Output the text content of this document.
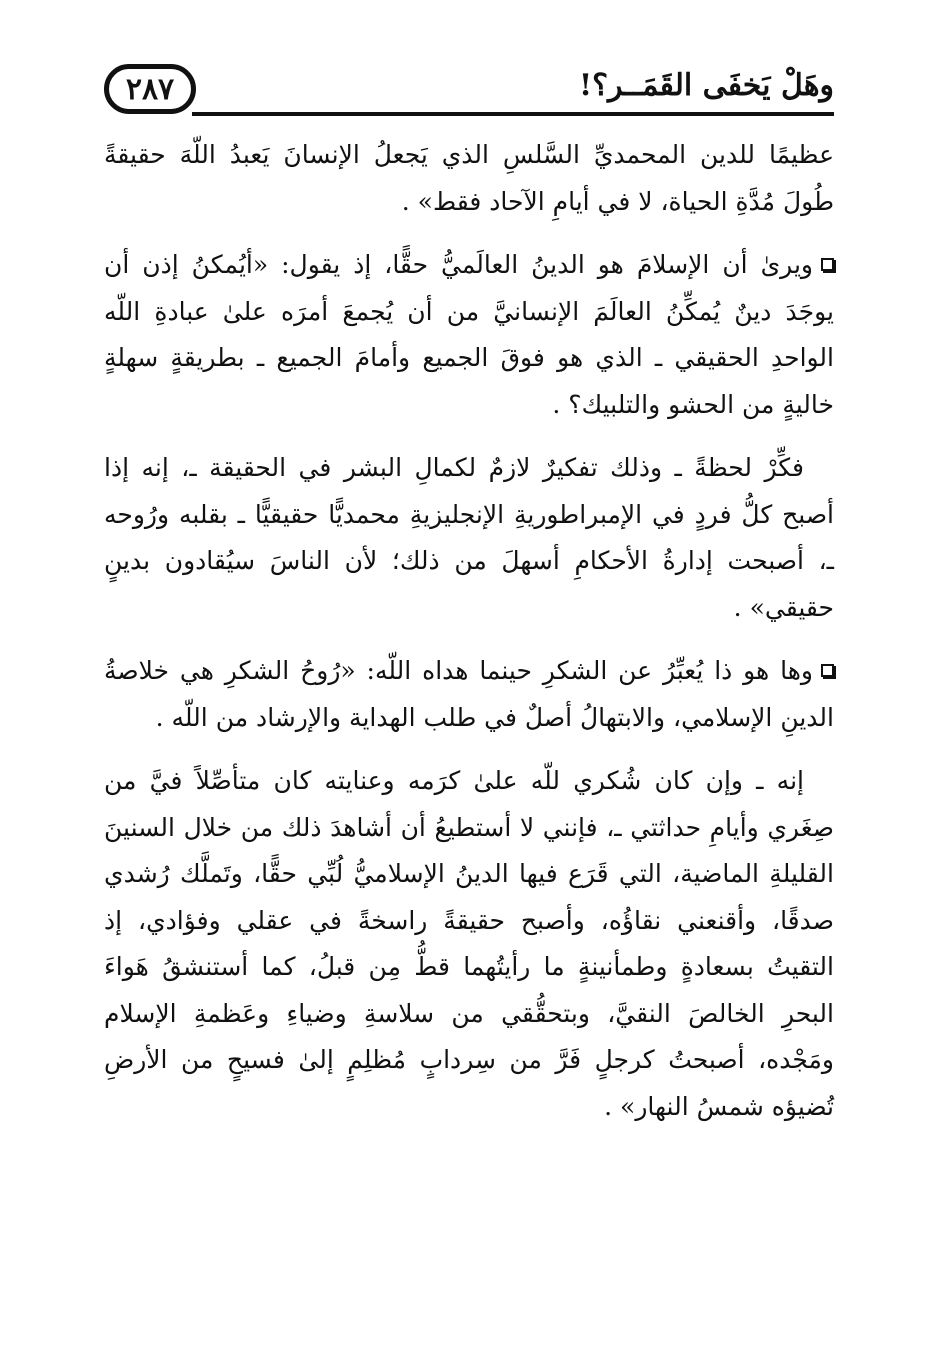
٢٨٧	وهَلْ يَخفَى القَمَــر؟!

عظيمًا للدين المحمديِّ السَّلسِ الذي يَجعلُ الإنسانَ يَعبدُ اللّهَ حقيقةً طُولَ مُدَّةِ الحياة، لا في أيامِ الآحاد فقط» .

ويرىٰ أن الإسلامَ هو الدينُ العالَميُّ حقًّا، إذ يقول: «أيُمكنُ إذن أن يوجَدَ دينٌ يُمكِّنُ العالَمَ الإنسانيَّ من أن يُجمعَ أمرَه علىٰ عبادةِ اللّه الواحدِ الحقيقي ـ الذي هو فوقَ الجميع وأمامَ الجميع ـ بطريقةٍ سهلةٍ خاليةٍ من الحشو والتلبيك؟ .

فكِّرْ لحظةً ـ وذلك تفكيرٌ لازمٌ لكمالِ البشر في الحقيقة ـ، إنه إذا أصبح كلُّ فردٍ في الإمبراطوريةِ الإنجليزيةِ محمديًّا حقيقيًّا ـ بقلبه ورُوحه ـ، أصبحت إدارةُ الأحكامِ أسهلَ من ذلك؛ لأن الناسَ سيُقادون بدينٍ حقيقي» .

وها هو ذا يُعبِّرُ عن الشكرِ حينما هداه اللّه: «رُوحُ الشكرِ هي خلاصةُ الدينِ الإسلامي، والابتهالُ أصلٌ في طلب الهداية والإرشاد من اللّه .

إنه ـ وإن كان شُكري للّه علىٰ كرَمه وعنايته كان متأصِّلاً فيَّ من صِغَري وأيامِ حداثتي ـ، فإنني لا أستطيعُ أن أشاهدَ ذلك من خلال السنينَ القليلةِ الماضية، التي قَرَع فيها الدينُ الإسلاميُّ لُبِّي حقًّا، وتَملَّك رُشدي صدقًا، وأقنعني نقاؤُه، وأصبح حقيقةً راسخةً في عقلي وفؤادي، إذ التقيتُ بسعادةٍ وطمأنينةٍ ما رأيتُهما قطُّ مِن قبلُ، كما أستنشقُ هَواءَ البحرِ الخالصَ النقيَّ، وبتحقُّقي من سلاسةِ وضياءِ وعَظمةِ الإسلام ومَجْده، أصبحتُ كرجلٍ فَرَّ من سِردابٍ مُظلِمٍ إلىٰ فسيحٍ من الأرضِ تُضيؤه شمسُ النهار» .
